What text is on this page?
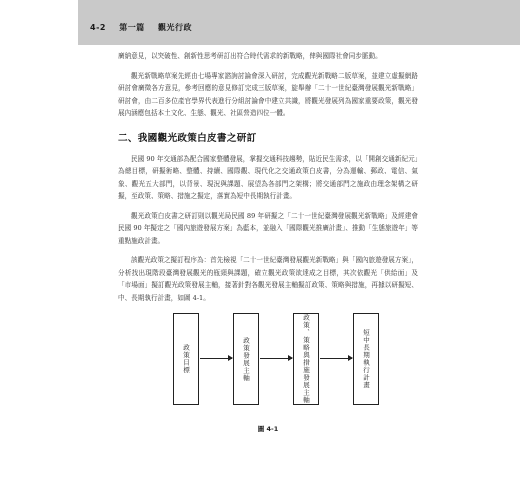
4-2 第一篇 觀光行政

廣納意見，以突破性、創新性思考研訂出符合時代需求的新戰略，俾與國際社會同步脈動。

觀光新戰略草案先經由七場專家諮詢討論會深入研討，完成觀光新戰略二版草案，並建立虛擬網路研討會廣徵各方意見，參考回應的意見修訂完成三版草案，旋舉辦「二十一世紀臺灣發展觀光新戰略」研討會，由二百多位產官學界代表進行分組討論會中建立共識，將觀光發展列為國家重要政策，觀光發展內涵應包括本土文化、生態、觀光、社區營造四位一體。

二、我國觀光政策白皮書之研訂

民國 90 年交通部為配合國家整體發展，掌握交通科技趨勢，貼近民生需求，以「開創交通新紀元」為總目標，研擬術略、整體、持續、國際觀、現代化之交通政策白皮書，分為運輸、郵政、電信、氣象、觀光五大部門，以背景、現況與課題、展望為各部門之架構；將交通部門之施政由理念架構之研擬，至政策、策略、措施之擬定，落實為短中長期執行計畫。

觀光政策白皮書之研訂則以觀光局民國 89 年研擬之「二十一世紀臺灣發展觀光新戰略」及經建會民國 90 年擬定之「國內旅遊發展方案」為藍本，並融入「國際觀光推廣計畫」、推動「生態旅遊年」等重點施政計畫。

該觀光政策之擬訂程序為：首先檢視「二十一世紀臺灣發展觀光新戰略」與「國內旅遊發展方案」，分析找出現階段臺灣發展觀光的瓶頸與課題，確立觀光政策欲達成之目標，其次依觀光「供給面」及「市場面」擬訂觀光政策發展主軸，接著針對各觀光發展主軸擬訂政策、策略與措施，再據以研擬短、中、長期執行計畫，如圖 4-1。

政策目標	政策發展主軸	政策、策略與措施發展主軸	短中長期執行計畫
圖 4-1
